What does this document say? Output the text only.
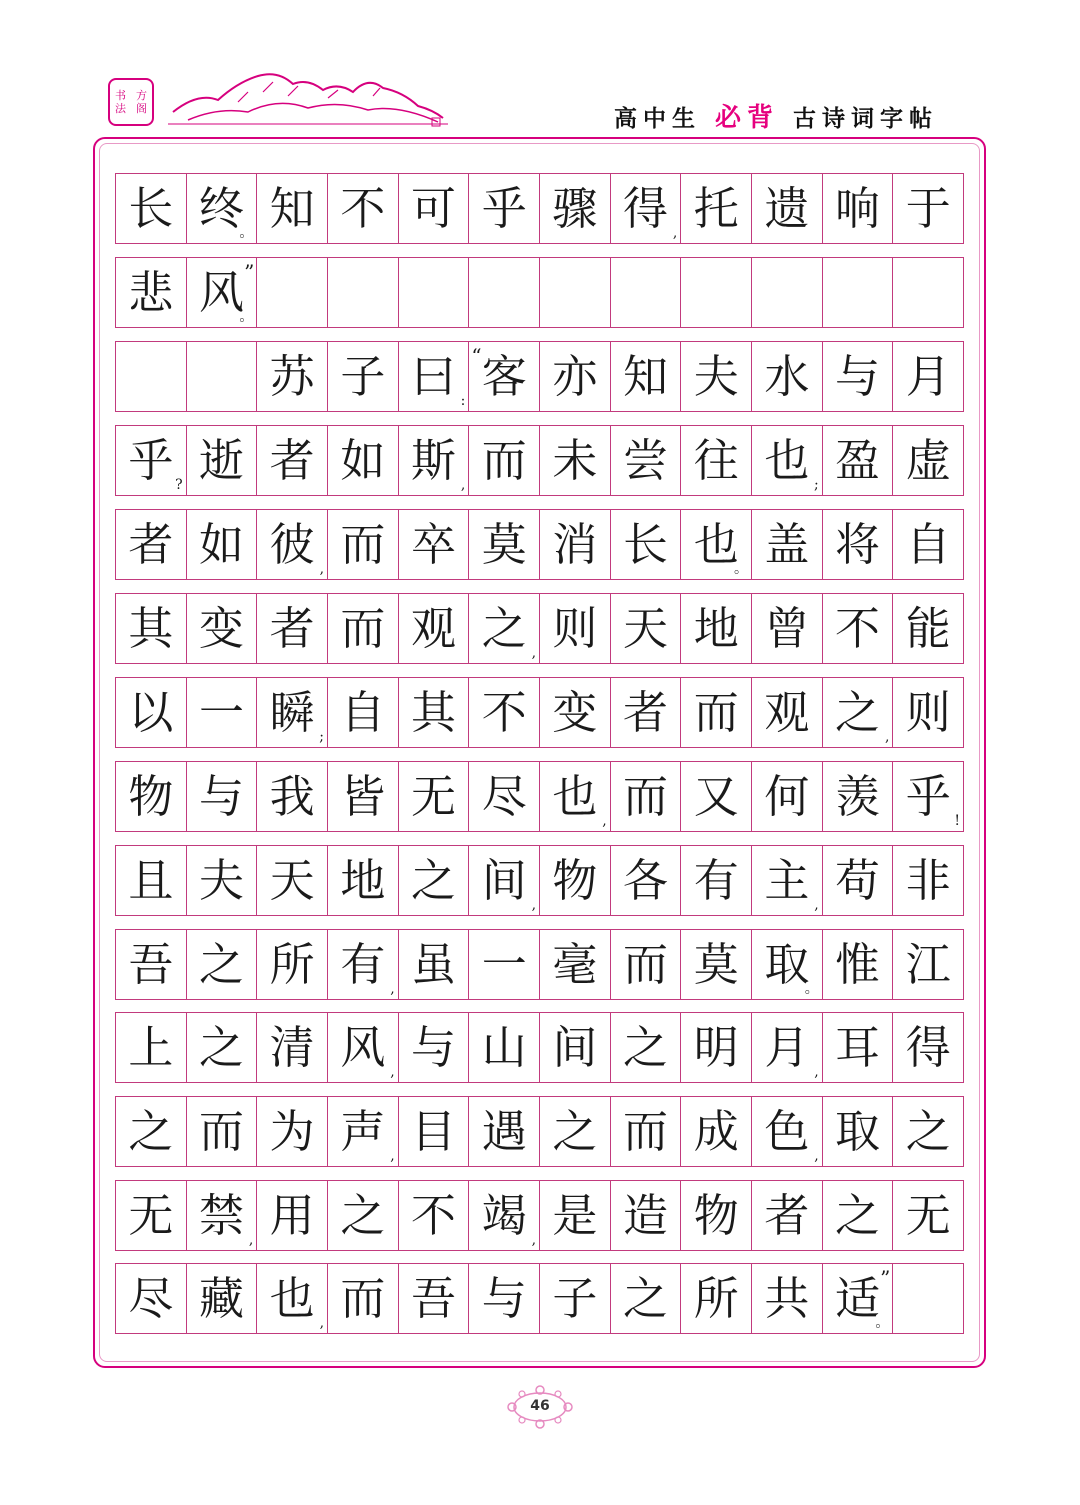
书 方
法 阁	高中生 必背 古诗词字帖
长 终
。 知 不 可 乎 骤 得 , 托 遗 响 于
悲 风 ”
。
苏 子 曰 : 客
“ 亦 知 夫 水 与 月
乎 ? 逝 者 如 斯 , 而 未 尝 往 也 ; 盈 虚
者 如 彼 , 而 卒 莫 消 长 也
。 盖 将 自
其 变 者 而 观 之 , 则 天 地 曾 不 能
以 一 瞬 ; 自 其 不 变 者 而 观 之 , 则
物 与 我 皆 无 尽 也 , 而 又 何 羡 乎 !
且 夫 天 地 之 间 , 物 各 有 主 , 苟 非
吾 之 所 有 , 虽 一 毫 而 莫 取
。 惟 江
上 之 清 风 , 与 山 间 之 明 月 , 耳 得
之 而 为 声 , 目 遇 之 而 成 色 , 取 之
无 禁 , 用 之 不 竭 , 是 造 物 者 之 无
尽 藏 也 , 而 吾 与 子 之 所 共 适 ”
。
46
